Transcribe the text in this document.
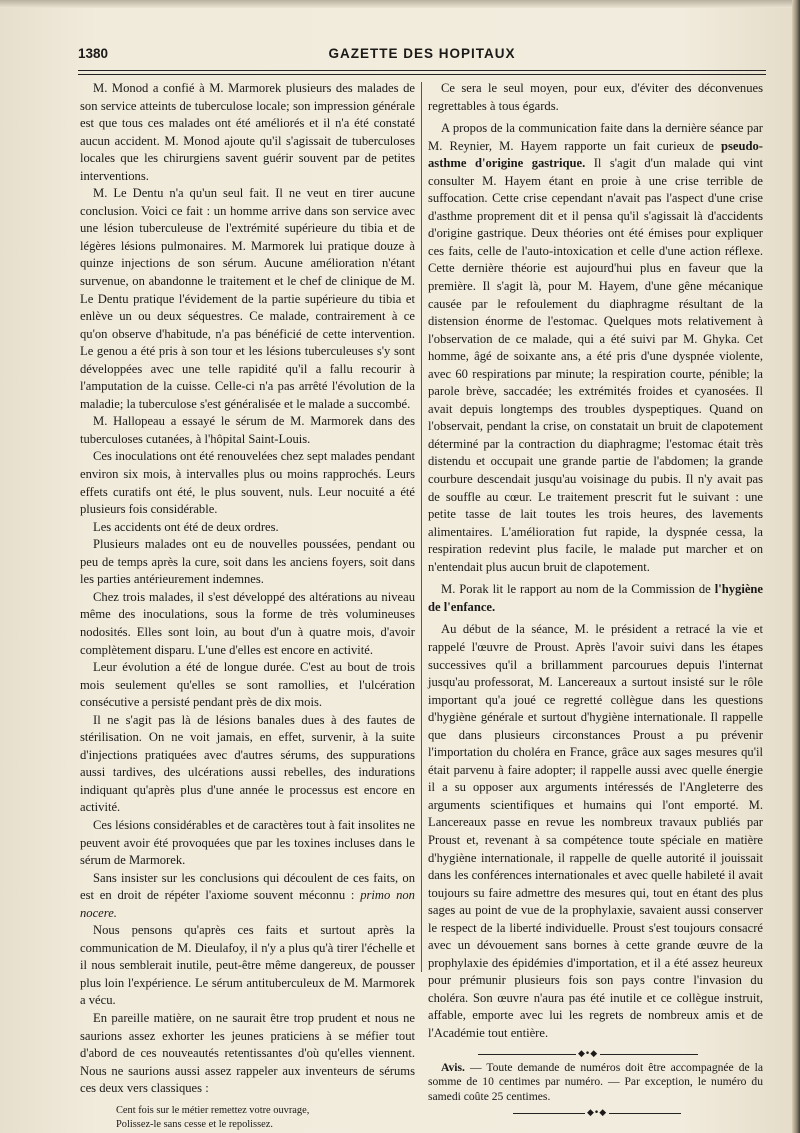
1380	GAZETTE DES HOPITAUX

M. Monod a confié à M. Marmorek plusieurs des malades de son service atteints de tuberculose locale; son impression générale est que tous ces malades ont été améliorés et il n'a été constaté aucun accident. M. Monod ajoute qu'il s'agissait de tuberculoses locales que les chirurgiens savent guérir souvent par de petites interventions.

M. Le Dentu n'a qu'un seul fait. Il ne veut en tirer aucune conclusion. Voici ce fait : un homme arrive dans son service avec une lésion tuberculeuse de l'extrémité supérieure du tibia et de légères lésions pulmonaires. M. Marmorek lui pratique douze à quinze injections de son sérum. Aucune amélioration n'étant survenue, on abandonne le traitement et le chef de clinique de M. Le Dentu pratique l'évidement de la partie supérieure du tibia et enlève un ou deux séquestres. Ce malade, contrairement à ce qu'on observe d'habitude, n'a pas bénéficié de cette intervention. Le genou a été pris à son tour et les lésions tuberculeuses s'y sont développées avec une telle rapidité qu'il a fallu recourir à l'amputation de la cuisse. Celle-ci n'a pas arrêté l'évolution de la maladie; la tuberculose s'est généralisée et le malade a succombé.

M. Hallopeau a essayé le sérum de M. Marmorek dans des tuberculoses cutanées, à l'hôpital Saint-Louis.

Ces inoculations ont été renouvelées chez sept malades pendant environ six mois, à intervalles plus ou moins rapprochés. Leurs effets curatifs ont été, le plus souvent, nuls. Leur nocuité a été plusieurs fois considérable.

Les accidents ont été de deux ordres.

Plusieurs malades ont eu de nouvelles poussées, pendant ou peu de temps après la cure, soit dans les anciens foyers, soit dans les parties antérieurement indemnes.

Chez trois malades, il s'est développé des altérations au niveau même des inoculations, sous la forme de très volumineuses nodosités. Elles sont loin, au bout d'un à quatre mois, d'avoir complètement disparu. L'une d'elles est encore en activité.

Leur évolution a été de longue durée. C'est au bout de trois mois seulement qu'elles se sont ramollies, et l'ulcération consécutive a persisté pendant près de dix mois.

Il ne s'agit pas là de lésions banales dues à des fautes de stérilisation. On ne voit jamais, en effet, survenir, à la suite d'injections pratiquées avec d'autres sérums, des suppurations aussi tardives, des ulcérations aussi rebelles, des indurations indiquant qu'après plus d'une année le processus est encore en activité.

Ces lésions considérables et de caractères tout à fait insolites ne peuvent avoir été provoquées que par les toxines incluses dans le sérum de Marmorek.

Sans insister sur les conclusions qui découlent de ces faits, on est en droit de répéter l'axiome souvent méconnu : primo non nocere.

Nous pensons qu'après ces faits et surtout après la communication de M. Dieulafoy, il n'y a plus qu'à tirer l'échelle et il nous semblerait inutile, peut-être même dangereux, de pousser plus loin l'expérience. Le sérum antituberculeux de M. Marmorek a vécu.

En pareille matière, on ne saurait être trop prudent et nous ne saurions assez exhorter les jeunes praticiens à se méfier tout d'abord de ces nouveautés retentissantes d'où qu'elles viennent. Nous ne saurions aussi assez rappeler aux inventeurs de sérums ces deux vers classiques :

Cent fois sur le métier remettez votre ouvrage,
Polissez-le sans cesse et le repolissez.

Ce sera le seul moyen, pour eux, d'éviter des déconvenues regrettables à tous égards.

A propos de la communication faite dans la dernière séance par M. Reynier, M. Hayem rapporte un fait curieux de pseudo-asthme d'origine gastrique. Il s'agit d'un malade qui vint consulter M. Hayem étant en proie à une crise terrible de suffocation. Cette crise cependant n'avait pas l'aspect d'une crise d'asthme proprement dit et il pensa qu'il s'agissait là d'accidents d'origine gastrique. Deux théories ont été émises pour expliquer ces faits, celle de l'auto-intoxication et celle d'une action réflexe. Cette dernière théorie est aujourd'hui plus en faveur que la première. Il s'agit là, pour M. Hayem, d'une gêne mécanique causée par le refoulement du diaphragme résultant de la distension énorme de l'estomac. Quelques mots relativement à l'observation de ce malade, qui a été suivi par M. Ghyka. Cet homme, âgé de soixante ans, a été pris d'une dyspnée violente, avec 60 respirations par minute; la respiration courte, pénible; la parole brève, saccadée; les extrémités froides et cyanosées. Il avait depuis longtemps des troubles dyspeptiques. Quand on l'observait, pendant la crise, on constatait un bruit de clapotement déterminé par la contraction du diaphragme; l'estomac était très distendu et occupait une grande partie de l'abdomen; la grande courbure descendait jusqu'au voisinage du pubis. Il n'y avait pas de souffle au cœur. Le traitement prescrit fut le suivant : une petite tasse de lait toutes les trois heures, des lavements alimentaires. L'amélioration fut rapide, la dyspnée cessa, la respiration redevint plus facile, le malade put marcher et on n'entendait plus aucun bruit de clapotement.

M. Porak lit le rapport au nom de la Commission de l'hygiène de l'enfance.

Au début de la séance, M. le président a retracé la vie et rappelé l'œuvre de Proust. Après l'avoir suivi dans les étapes successives qu'il a brillamment parcourues depuis l'internat jusqu'au professorat, M. Lancereaux a surtout insisté sur le rôle important qu'a joué ce regretté collègue dans les questions d'hygiène générale et surtout d'hygiène internationale. Il rappelle que dans plusieurs circonstances Proust a pu prévenir l'importation du choléra en France, grâce aux sages mesures qu'il était parvenu à faire adopter; il rappelle aussi avec quelle énergie il a su opposer aux arguments intéressés de l'Angleterre des arguments scientifiques et humains qui l'ont emporté. M. Lancereaux passe en revue les nombreux travaux publiés par Proust et, revenant à sa compétence toute spéciale en matière d'hygiène internationale, il rappelle de quelle autorité il jouissait dans les conférences internationales et avec quelle habileté il avait toujours su faire admettre des mesures qui, tout en étant des plus sages au point de vue de la prophylaxie, savaient aussi conserver le respect de la liberté individuelle. Proust s'est toujours consacré avec un dévouement sans bornes à cette grande œuvre de la prophylaxie des épidémies d'importation, et il a été assez heureux pour prémunir plusieurs fois son pays contre l'invasion du choléra. Son œuvre n'aura pas été inutile et ce collègue instruit, affable, emporte avec lui les regrets de nombreux amis et de l'Académie tout entière.

◆•◆

Avis. — Toute demande de numéros doit être accompagnée de la somme de 10 centimes par numéro. — Par exception, le numéro du samedi coûte 25 centimes.

◆•◆
